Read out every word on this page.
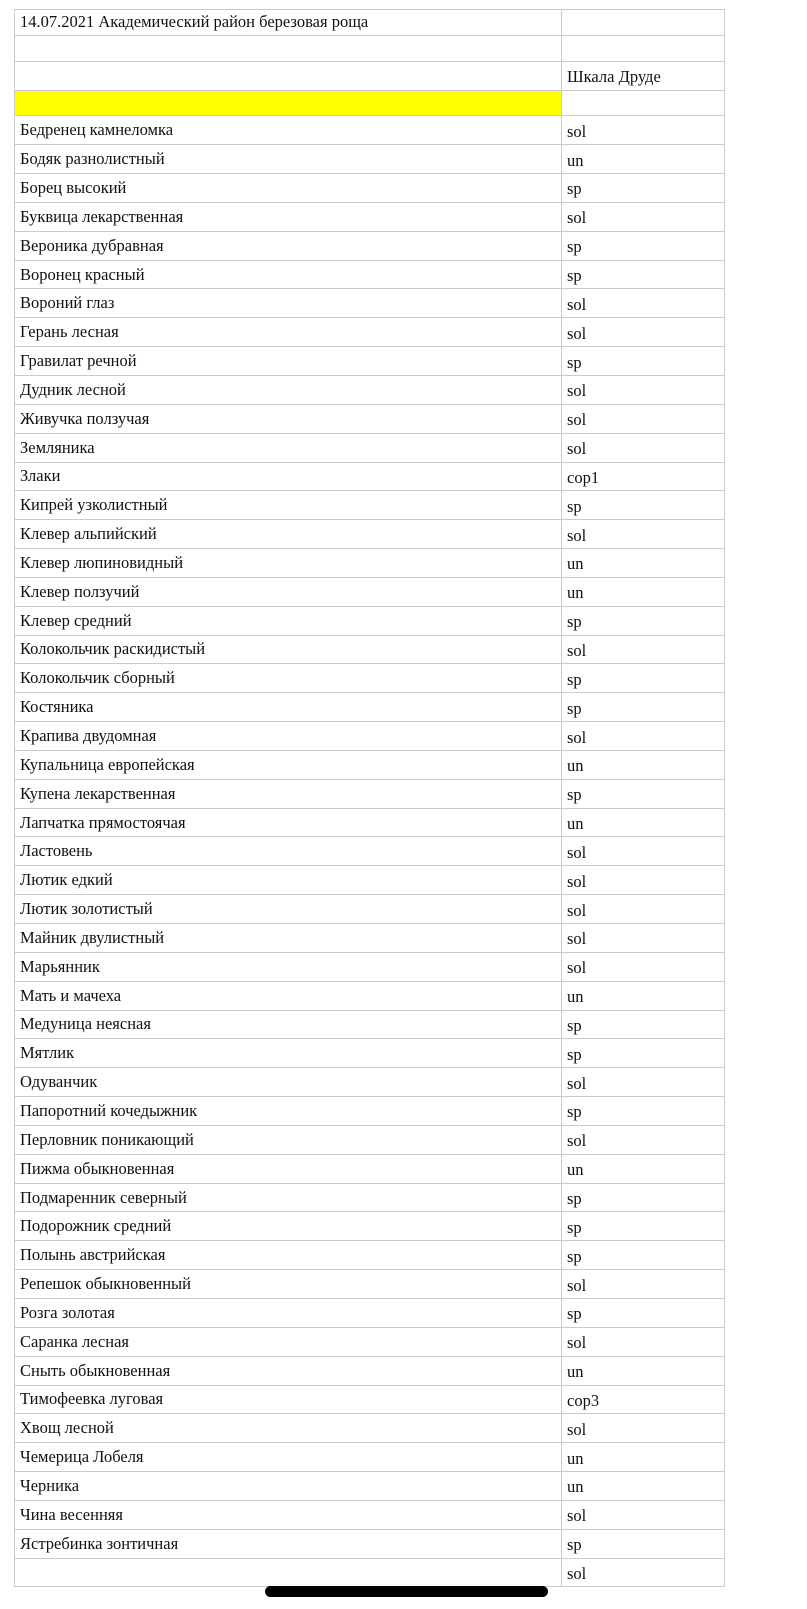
14.07.2021 Академический район березовая роща	

	Шкала Друде

Бедренец камнеломка	sol
Бодяк разнолистный	un
Борец высокий	sp
Буквица лекарственная	sol
Вероника дубравная	sp
Воронец красный	sp
Вороний глаз	sol
Герань лесная	sol
Гравилат речной	sp
Дудник лесной	sol
Живучка ползучая	sol
Земляника	sol
Злаки	cop1
Кипрей узколистный	sp
Клевер альпийский	sol
Клевер люпиновидный	un
Клевер ползучий	un
Клевер средний	sp
Колокольчик раскидистый	sol
Колокольчик сборный	sp
Костяника	sp
Крапива двудомная	sol
Купальница европейская	un
Купена лекарственная	sp
Лапчатка прямостоячая	un
Ластовень	sol
Лютик едкий	sol
Лютик золотистый	sol
Майник двулистный	sol
Марьянник	sol
Мать и мачеха	un
Медуница неясная	sp
Мятлик	sp
Одуванчик	sol
Папоротний кочедыжник	sp
Перловник поникающий	sol
Пижма обыкновенная	un
Подмаренник северный	sp
Подорожник средний	sp
Полынь австрийская	sp
Репешок обыкновенный	sol
Розга золотая	sp
Саранка лесная	sol
Сныть обыкновенная	un
Тимофеевка луговая	cop3
Хвощ лесной	sol
Чемерица Лобеля	un
Черника	un
Чина весенняя	sol
Ястребинка зонтичная	sp
	sol
